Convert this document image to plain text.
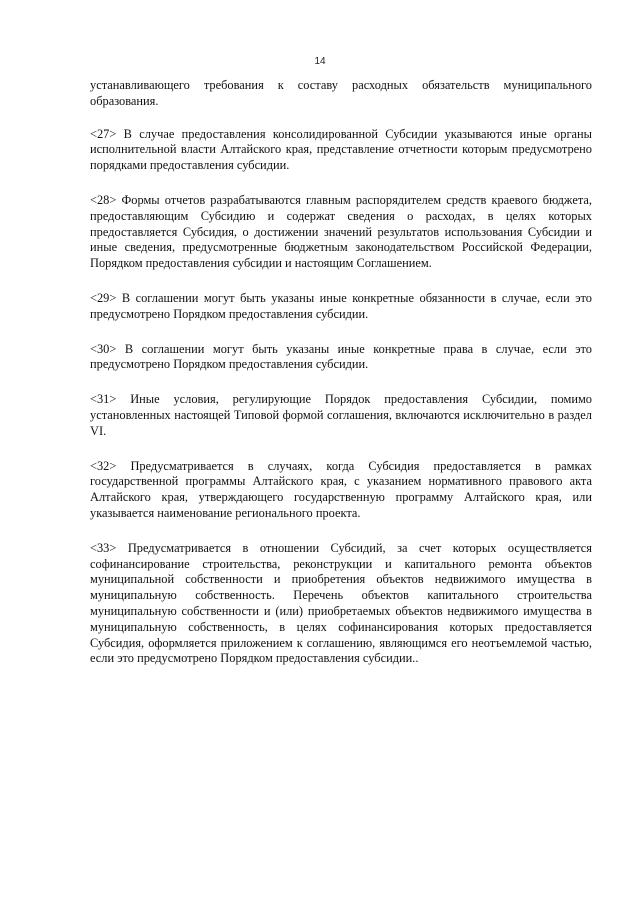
14

устанавливающего требования к составу расходных обязательств муниципального образования.

<27> В случае предоставления консолидированной Субсидии указываются иные органы исполнительной власти Алтайского края, представление отчетности которым предусмотрено порядками предоставления субсидии.

<28> Формы отчетов разрабатываются главным распорядителем средств краевого бюджета, предоставляющим Субсидию и содержат сведения о расходах, в целях которых предоставляется Субсидия, о достижении значений результатов использования Субсидии и иные сведения, предусмотренные бюджетным законодательством Российской Федерации, Порядком предоставления субсидии и настоящим Соглашением.

<29> В соглашении могут быть указаны иные конкретные обязанности в случае, если это предусмотрено Порядком предоставления субсидии.

<30> В соглашении могут быть указаны иные конкретные права в случае, если это предусмотрено Порядком предоставления субсидии.

<31> Иные условия, регулирующие Порядок предоставления Субсидии, помимо установленных настоящей Типовой формой соглашения, включаются исключительно в раздел VI.

<32> Предусматривается в случаях, когда Субсидия предоставляется в рамках государственной программы Алтайского края, с указанием нормативного правового акта Алтайского края, утверждающего государственную программу Алтайского края, или указывается наименование регионального проекта.

<33> Предусматривается в отношении Субсидий, за счет которых осуществляется софинансирование строительства, реконструкции и капитального ремонта объектов муниципальной собственности и приобретения объектов недвижимого имущества в муниципальную собственность. Перечень объектов капитального строительства муниципальную собственности и (или) приобретаемых объектов недвижимого имущества в муниципальную собственность, в целях софинансирования которых предоставляется Субсидия, оформляется приложением к соглашению, являющимся его неотъемлемой частью, если это предусмотрено Порядком предоставления субсидии..
